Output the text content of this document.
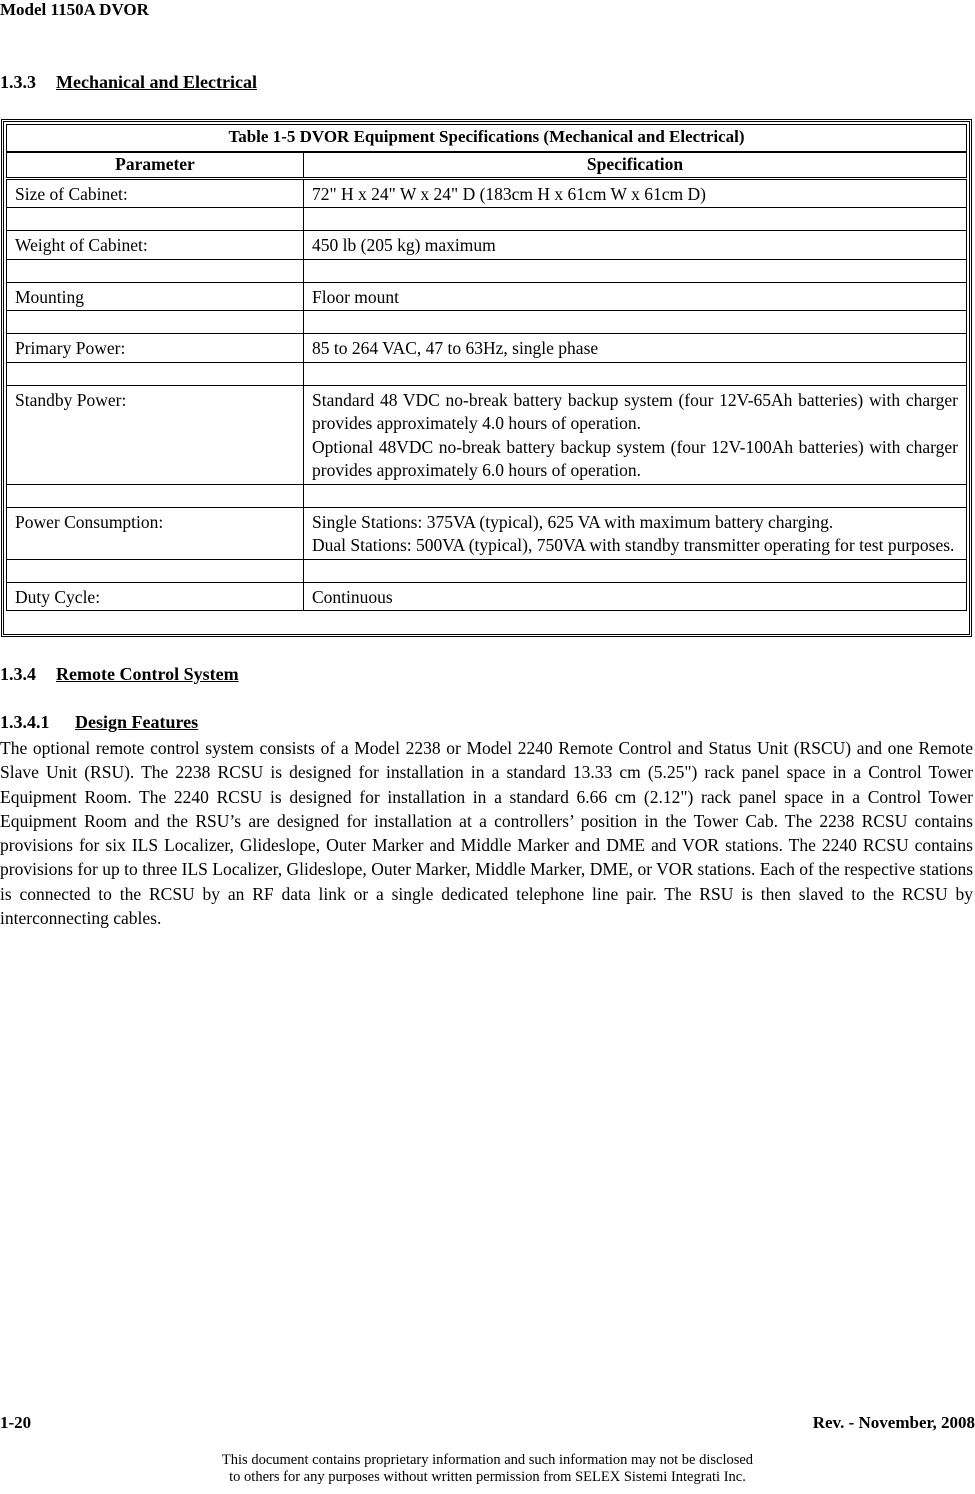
Model 1150A DVOR
1.3.3 Mechanical and Electrical
Table 1-5 DVOR Equipment Specifications (Mechanical and Electrical)	
Parameter	Specification
Size of Cabinet:	72" H x 24" W x 24" D (183cm H x 61cm W x 61cm D)

Weight of Cabinet:	450 lb (205 kg) maximum

Mounting	Floor mount

Primary Power:	85 to 264 VAC, 47 to 63Hz, single phase

Standby Power:	Standard 48 VDC no-break battery backup system (four 12V-65Ah batteries) with charger provides approximately 4.0 hours of operation.
Optional 48VDC no-break battery backup system (four 12V-100Ah batteries) with charger provides approximately 6.0 hours of operation.

Power Consumption:	Single Stations: 375VA (typical), 625 VA with maximum battery charging.
Dual Stations: 500VA (typical), 750VA with standby transmitter operating for test purposes.

Duty Cycle:	Continuous
1.3.4 Remote Control System
1.3.4.1 Design Features
The optional remote control system consists of a Model 2238 or Model 2240 Remote Control and Status Unit (RSCU) and one Remote Slave Unit (RSU). The 2238 RCSU is designed for installation in a standard 13.33 cm (5.25") rack panel space in a Control Tower Equipment Room. The 2240 RCSU is designed for installation in a standard 6.66 cm (2.12") rack panel space in a Control Tower Equipment Room and the RSU’s are designed for installation at a controllers’ position in the Tower Cab. The 2238 RCSU contains provisions for six ILS Localizer, Glideslope, Outer Marker and Middle Marker and DME and VOR stations. The 2240 RCSU contains provisions for up to three ILS Localizer, Glideslope, Outer Marker, Middle Marker, DME, or VOR stations. Each of the respective stations is connected to the RCSU by an RF data link or a single dedicated telephone line pair. The RSU is then slaved to the RCSU by interconnecting cables.
1-20	Rev. - November, 2008
This document contains proprietary information and such information may not be disclosed
to others for any purposes without written permission from SELEX Sistemi Integrati Inc.
